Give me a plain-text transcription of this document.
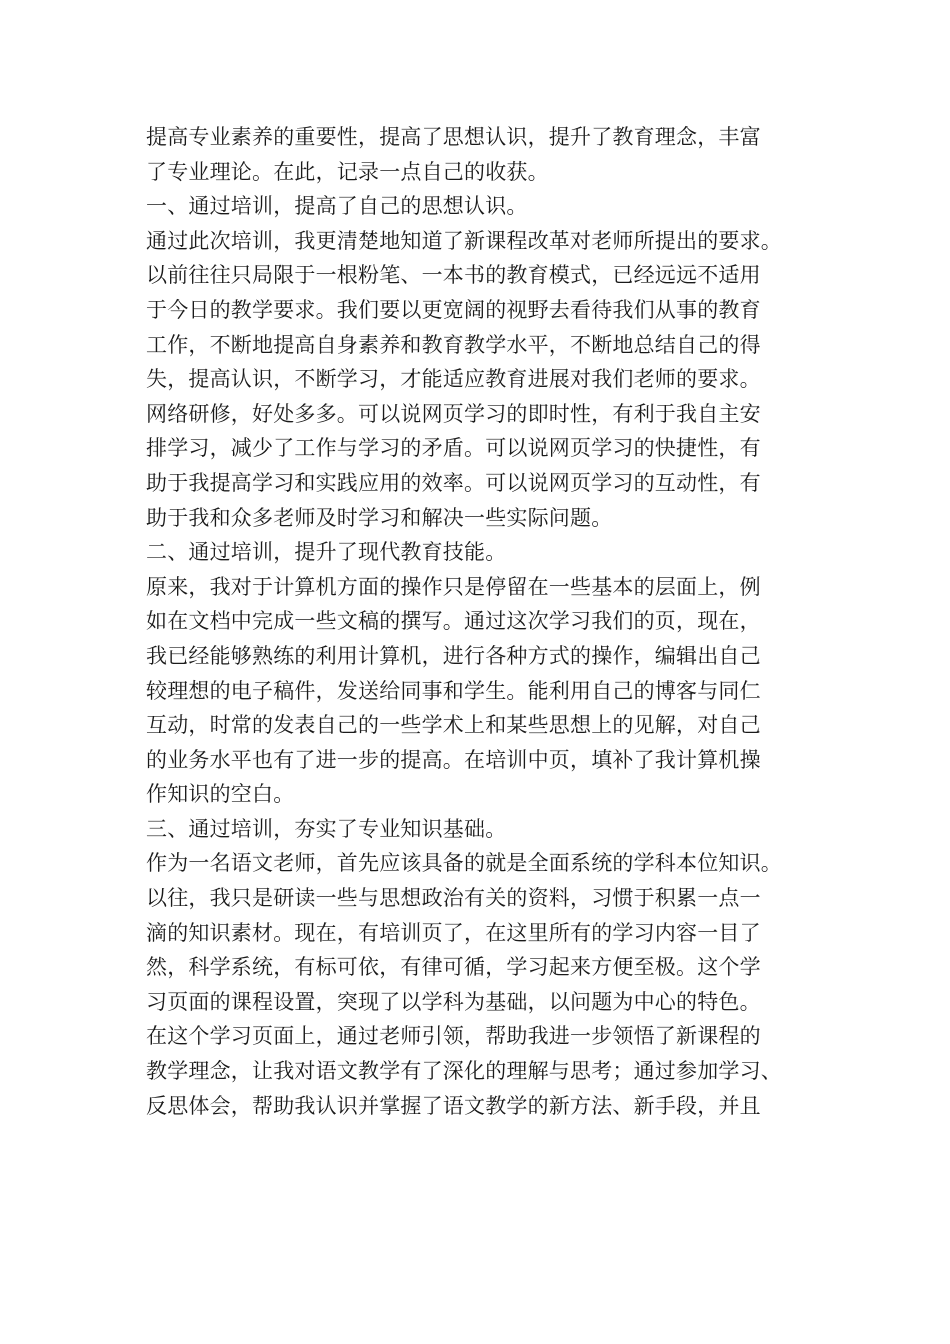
提高专业素养的重要性，提高了思想认识，提升了教育理念，丰富
了专业理论。在此，记录一点自己的收获。
一、通过培训，提高了自己的思想认识。
通过此次培训，我更清楚地知道了新课程改革对老师所提出的要求。
以前往往只局限于一根粉笔、一本书的教育模式，已经远远不适用
于今日的教学要求。我们要以更宽阔的视野去看待我们从事的教育
工作，不断地提高自身素养和教育教学水平，不断地总结自己的得
失，提高认识，不断学习，才能适应教育进展对我们老师的要求。
网络研修，好处多多。可以说网页学习的即时性，有利于我自主安
排学习，减少了工作与学习的矛盾。可以说网页学习的快捷性，有
助于我提高学习和实践应用的效率。可以说网页学习的互动性，有
助于我和众多老师及时学习和解决一些实际问题。
二、通过培训，提升了现代教育技能。
原来，我对于计算机方面的操作只是停留在一些基本的层面上，例
如在文档中完成一些文稿的撰写。通过这次学习我们的页，现在，
我已经能够熟练的利用计算机，进行各种方式的操作，编辑出自己
较理想的电子稿件，发送给同事和学生。能利用自己的博客与同仁
互动，时常的发表自己的一些学术上和某些思想上的见解，对自己
的业务水平也有了进一步的提高。在培训中页，填补了我计算机操
作知识的空白。
三、通过培训，夯实了专业知识基础。
作为一名语文老师，首先应该具备的就是全面系统的学科本位知识。
以往，我只是研读一些与思想政治有关的资料，习惯于积累一点一
滴的知识素材。现在，有培训页了，在这里所有的学习内容一目了
然，科学系统，有标可依，有律可循，学习起来方便至极。这个学
习页面的课程设置，突现了以学科为基础，以问题为中心的特色。
在这个学习页面上，通过老师引领，帮助我进一步领悟了新课程的
教学理念，让我对语文教学有了深化的理解与思考；通过参加学习、
反思体会，帮助我认识并掌握了语文教学的新方法、新手段，并且
